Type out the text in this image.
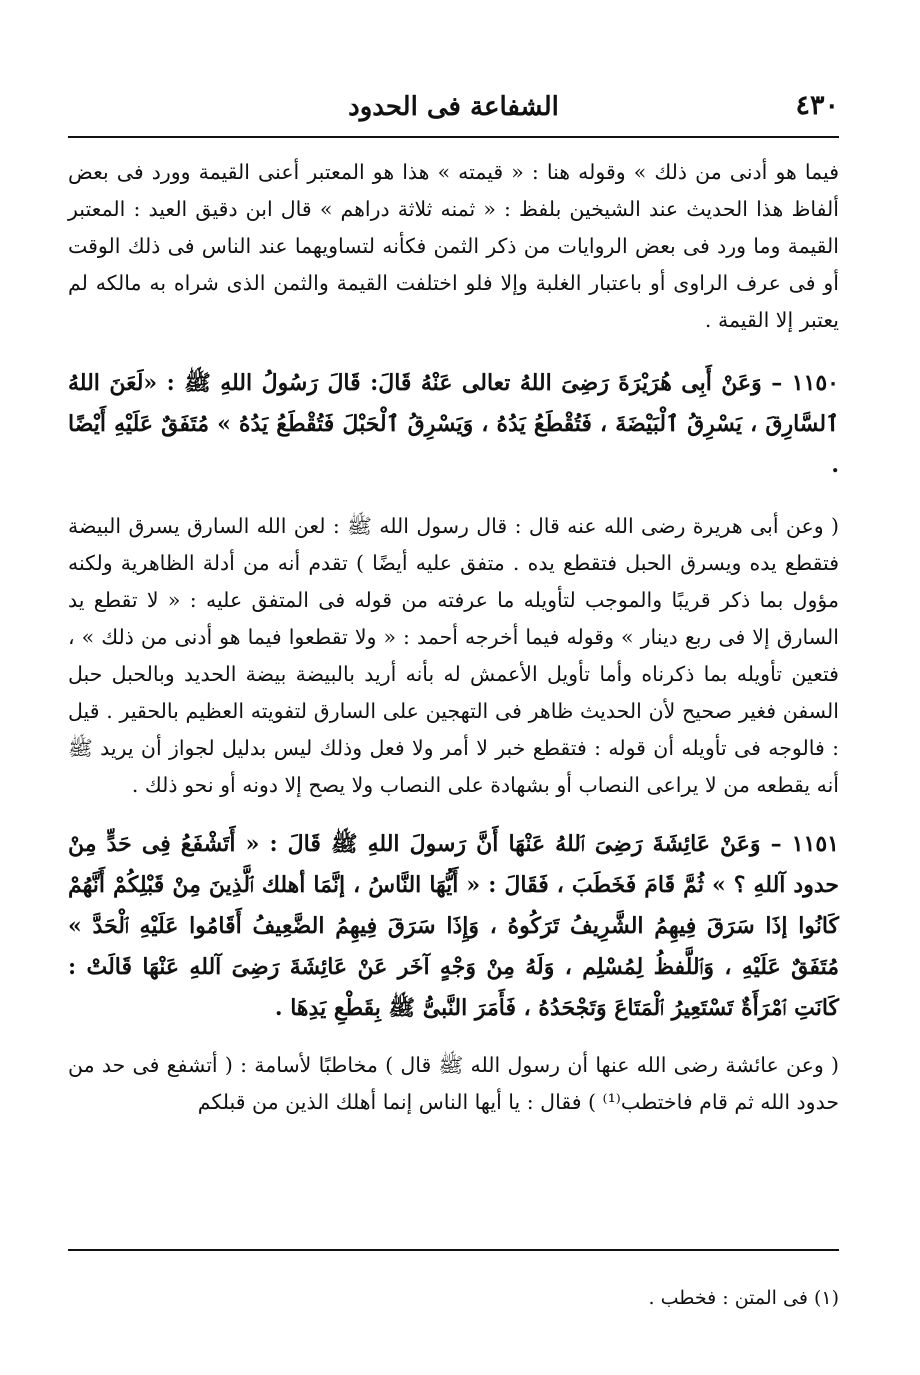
٤٣٠
الشفاعة فى الحدود

فيما هو أدنى من ذلك » وقوله هنا : « قيمته » هذا هو المعتبر أعنى القيمة وورد فى بعض ألفاظ هذا الحديث عند الشيخين بلفظ : « ثمنه ثلاثة دراهم » قال ابن دقيق العيد : المعتبر القيمة وما ورد فى بعض الروايات من ذكر الثمن فكأنه لتساويهما عند الناس فى ذلك الوقت أو فى عرف الراوى أو باعتبار الغلبة وإلا فلو اختلفت القيمة والثمن الذى شراه به مالكه لم يعتبر إلا القيمة .

١١٥٠ – وَعَنْ أَبِى هُرَيْرَةَ رَضِىَ اللهُ تعالى عَنْهُ قَالَ: قَالَ رَسُولُ اللهِ ﷺ : «لَعَنَ اللهُ ٱلسَّارِقَ ، يَسْرِقُ ٱلْبَيْضَةَ ، فَتُقْطَعُ يَدُهُ ، وَيَسْرِقُ ٱلْحَبْلَ فَتُقْطَعُ يَدُهُ » مُتَفَقٌ عَلَيْهِ أَيْضًا .

( وعن أبى هريرة رضى الله عنه قال : قال رسول الله ﷺ : لعن الله السارق يسرق البيضة فتقطع يده ويسرق الحبل فتقطع يده . متفق عليه أيضًا ) تقدم أنه من أدلة الظاهرية ولكنه مؤول بما ذكر قريبًا والموجب لتأويله ما عرفته من قوله فى المتفق عليه : « لا تقطع يد السارق إلا فى ربع دينار » وقوله فيما أخرجه أحمد : « ولا تقطعوا فيما هو أدنى من ذلك » ، فتعين تأويله بما ذكرناه وأما تأويل الأعمش له بأنه أريد بالبيضة بيضة الحديد وبالحبل حبل السفن فغير صحيح لأن الحديث ظاهر فى التهجين على السارق لتفويته العظيم بالحقير . قيل : فالوجه فى تأويله أن قوله : فتقطع خبر لا أمر ولا فعل وذلك ليس بدليل لجواز أن يريد ﷺ أنه يقطعه من لا يراعى النصاب أو بشهادة على النصاب ولا يصح إلا دونه أو نحو ذلك .

١١٥١ – وَعَنْ عَائِشَةَ رَضِىَ ٱللهُ عَنْهَا أَنَّ رَسولَ اللهِ ﷺ قَالَ : « أَتَشْفَعُ فِى حَدٍّ مِنْ حدود آللهِ ؟ » ثُمَّ قَامَ فَخَطَبَ ، فَقَالَ : « أَيُّهَا النَّاسُ ، إنَّمَا أهلك ٱلَّذِينَ مِنْ قَبْلِكُمْ أَنَّهُمْ كَانُوا إذَا سَرَقَ فِيهِمُ الشَّرِيفُ تَرَكُوهُ ، وَإِذَا سَرَقَ فِيهِمُ الضَّعِيفُ أَقَامُوا عَلَيْهِ ٱلْحَدَّ » مُتَفَقٌ عَلَيْهِ ، وَٱللَّفظُ لِمُسْلِم ، وَلَهُ مِنْ وَجْهٍ آخَر عَنْ عَائِشَةَ رَضِىَ آللهِ عَنْهَا قَالَتْ : كَانَتِ ٱمْرَأَةٌ تَسْتَعِيرُ ٱلْمَتَاعَ وَتَجْحَدُهُ ، فَأَمَرَ النَّبىُّ ﷺ بِقَطْعِ يَدِهَا .

( وعن عائشة رضى الله عنها أن رسول الله ﷺ قال ) مخاطبًا لأسامة : ( أتشفع فى حد من حدود الله ثم قام فاختطب⁽¹⁾ ) فقال : يا أيها الناس إنما أهلك الذين من قبلكم

(١) فى المتن : فخطب .
